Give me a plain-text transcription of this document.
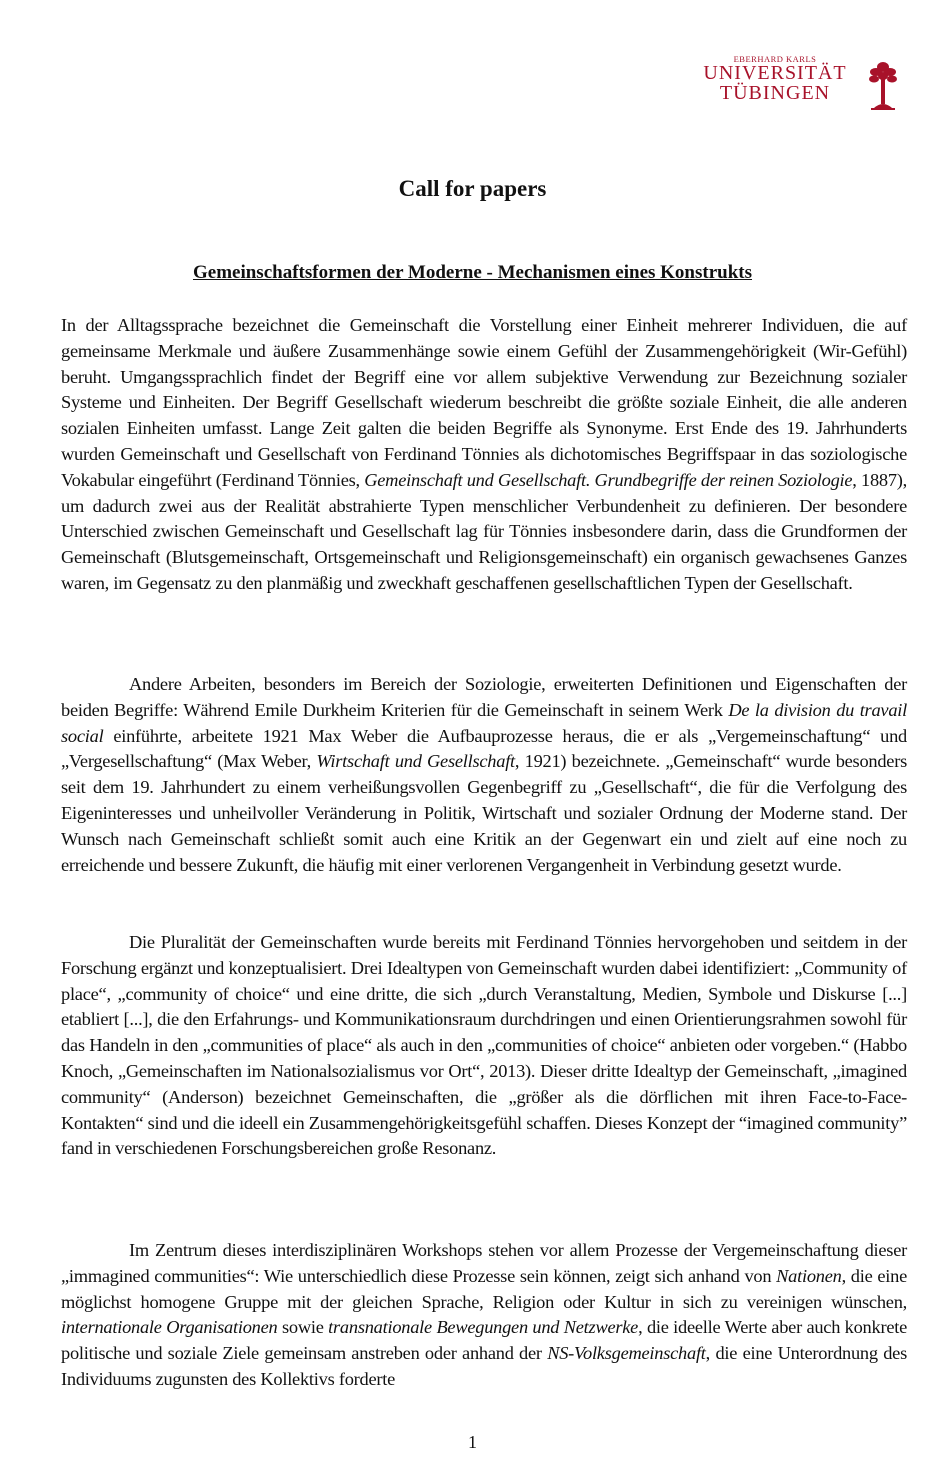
EBERHARD KARLS
UNIVERSITÄT
TÜBINGEN
Call for papers
Gemeinschaftsformen der Moderne - Mechanismen eines Konstrukts

In der Alltagssprache bezeichnet die Gemeinschaft die Vorstellung einer Einheit mehrerer Individuen, die auf gemeinsame Merkmale und äußere Zusammenhänge sowie einem Gefühl der Zusammengehörigkeit (Wir-Gefühl) beruht. Umgangssprachlich findet der Begriff eine vor allem subjektive Verwendung zur Bezeichnung sozialer Systeme und Einheiten. Der Begriff Gesellschaft wiederum beschreibt die größte soziale Einheit, die alle anderen sozialen Einheiten umfasst. Lange Zeit galten die beiden Begriffe als Synonyme. Erst Ende des 19. Jahrhunderts wurden Gemeinschaft und Gesellschaft von Ferdinand Tönnies als dichotomisches Begriffspaar in das soziologische Vokabular eingeführt (Ferdinand Tönnies, Gemeinschaft und Gesellschaft. Grundbegriffe der reinen Soziologie, 1887), um dadurch zwei aus der Realität abstrahierte Typen menschlicher Verbundenheit zu definieren. Der besondere Unterschied zwischen Gemeinschaft und Gesellschaft lag für Tönnies insbesondere darin, dass die Grundformen der Gemeinschaft (Blutsgemeinschaft, Ortsgemeinschaft und Religionsgemeinschaft) ein organisch gewachsenes Ganzes waren, im Gegensatz zu den planmäßig und zweckhaft geschaffenen gesellschaftlichen Typen der Gesellschaft.

Andere Arbeiten, besonders im Bereich der Soziologie, erweiterten Definitionen und Eigenschaften der beiden Begriffe: Während Emile Durkheim Kriterien für die Gemeinschaft in seinem Werk De la division du travail social einführte, arbeitete 1921 Max Weber die Aufbauprozesse heraus, die er als „Vergemeinschaftung“ und „Vergesellschaftung“ (Max Weber, Wirtschaft und Gesellschaft, 1921) bezeichnete. „Gemeinschaft“ wurde besonders seit dem 19. Jahrhundert zu einem verheißungsvollen Gegenbegriff zu „Gesellschaft“, die für die Verfolgung des Eigeninteresses und unheilvoller Veränderung in Politik, Wirtschaft und sozialer Ordnung der Moderne stand. Der Wunsch nach Gemeinschaft schließt somit auch eine Kritik an der Gegenwart ein und zielt auf eine noch zu erreichende und bessere Zukunft, die häufig mit einer verlorenen Vergangenheit in Verbindung gesetzt wurde.

Die Pluralität der Gemeinschaften wurde bereits mit Ferdinand Tönnies hervorgehoben und seitdem in der Forschung ergänzt und konzeptualisiert. Drei Idealtypen von Gemeinschaft wurden dabei identifiziert: „Community of place“, „community of choice“ und eine dritte, die sich „durch Veranstaltung, Medien, Symbole und Diskurse [...] etabliert [...], die den Erfahrungs- und Kommunikationsraum durchdringen und einen Orientierungsrahmen sowohl für das Handeln in den „communities of place“ als auch in den „communities of choice“ anbieten oder vorgeben.“ (Habbo Knoch, „Gemeinschaften im Nationalsozialismus vor Ort“, 2013). Dieser dritte Idealtyp der Gemeinschaft, „imagined community“ (Anderson) bezeichnet Gemeinschaften, die „größer als die dörflichen mit ihren Face-to-Face-Kontakten“ sind und die ideell ein Zusammengehörigkeitsgefühl schaffen. Dieses Konzept der “imagined community” fand in verschiedenen Forschungsbereichen große Resonanz.

Im Zentrum dieses interdisziplinären Workshops stehen vor allem Prozesse der Vergemeinschaftung dieser „immagined communities“: Wie unterschiedlich diese Prozesse sein können, zeigt sich anhand von Nationen, die eine möglichst homogene Gruppe mit der gleichen Sprache, Religion oder Kultur in sich zu vereinigen wünschen, internationale Organisationen sowie transnationale Bewegungen und Netzwerke, die ideelle Werte aber auch konkrete politische und soziale Ziele gemeinsam anstreben oder anhand der NS-Volksgemeinschaft, die eine Unterordnung des Individuums zugunsten des Kollektivs forderte

1
